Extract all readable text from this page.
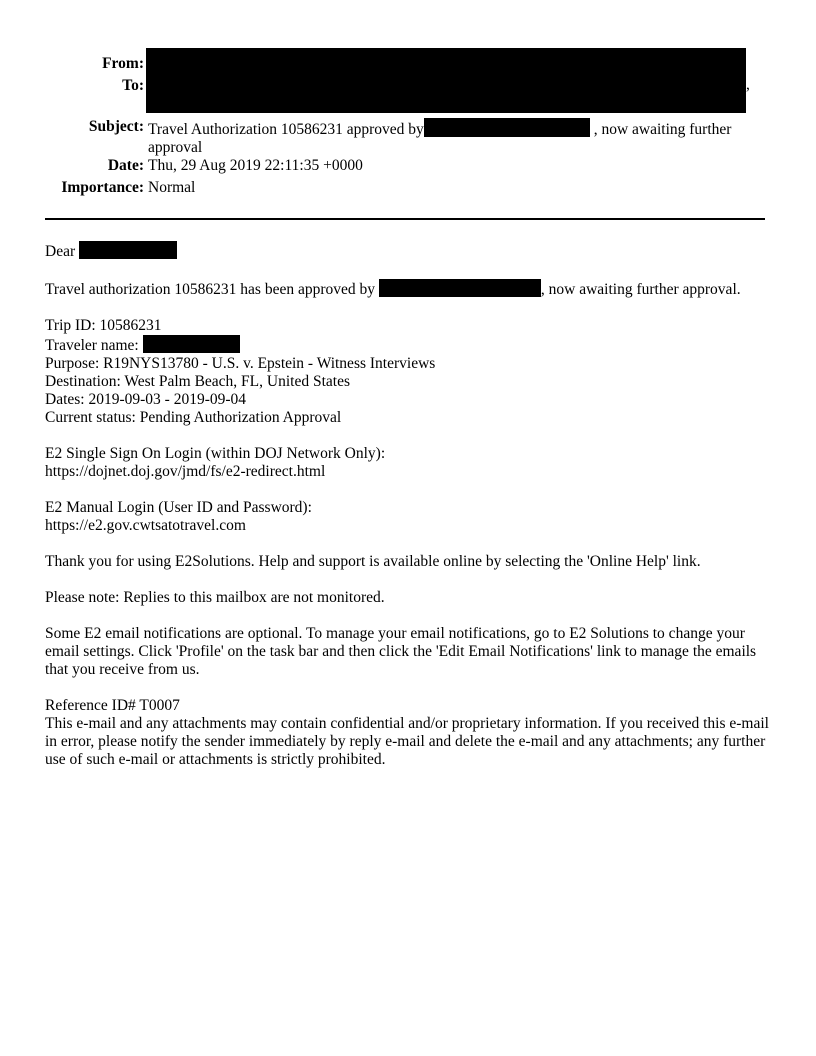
From:
To:	,
Subject: Travel Authorization 10586231 approved by	, now awaiting further approval
Date: Thu, 29 Aug 2019 22:11:35 +0000
Importance: Normal

Dear

Travel authorization 10586231 has been approved by	, now awaiting further approval.

Trip ID: 10586231
Traveler name:
Purpose: R19NYS13780 - U.S. v. Epstein - Witness Interviews
Destination: West Palm Beach, FL, United States
Dates: 2019-09-03 - 2019-09-04
Current status: Pending Authorization Approval

E2 Single Sign On Login (within DOJ Network Only):
https://dojnet.doj.gov/jmd/fs/e2-redirect.html

E2 Manual Login (User ID and Password):
https://e2.gov.cwtsatotravel.com

Thank you for using E2Solutions. Help and support is available online by selecting the 'Online Help' link.

Please note: Replies to this mailbox are not monitored.

Some E2 email notifications are optional. To manage your email notifications, go to E2 Solutions to change your email settings. Click 'Profile' on the task bar and then click the 'Edit Email Notifications' link to manage the emails that you receive from us.

Reference ID# T0007
This e-mail and any attachments may contain confidential and/or proprietary information. If you received this e-mail in error, please notify the sender immediately by reply e-mail and delete the e-mail and any attachments; any further use of such e-mail or attachments is strictly prohibited.
